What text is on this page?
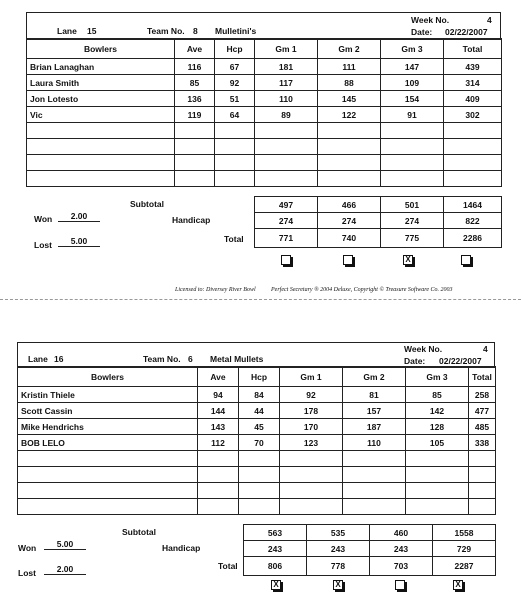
Lane 15	Team No. 8 Mulletini's
Week No.	4
Date: 02/22/2007
Bowlers	Ave	Hcp	Gm 1	Gm 2	Gm 3	Total
Brian Lanaghan	116	67	181	111	147	439
Laura Smith	85	92	117	88	109	314
Jon Lotesto	136	51	110	145	154	409
Vic	119	64	89	122	91	302

Subtotal
Handicap
Total
497	466	501	1464
274	274	274	822
771	740	775	2286
Won	2.00
Lost	5.00
X
Licensed to: Diversey River Bowl	Perfect Secretary ® 2004 Deluxe, Copyright © Treasure Software Co. 2003
Lane 16	Team No. 6 Metal Mullets
Week No.	4
Date: 02/22/2007
Bowlers	Ave	Hcp	Gm 1	Gm 2	Gm 3	Total
Kristin Thiele	94	84	92	81	85	258
Scott Cassin	144	44	178	157	142	477
Mike Hendrichs	143	45	170	187	128	485
BOB LELO	112	70	123	110	105	338

Subtotal
Handicap
Total
563	535	460	1558
243	243	243	729
806	778	703	2287
Won	5.00
Lost	2.00
X	X	X
